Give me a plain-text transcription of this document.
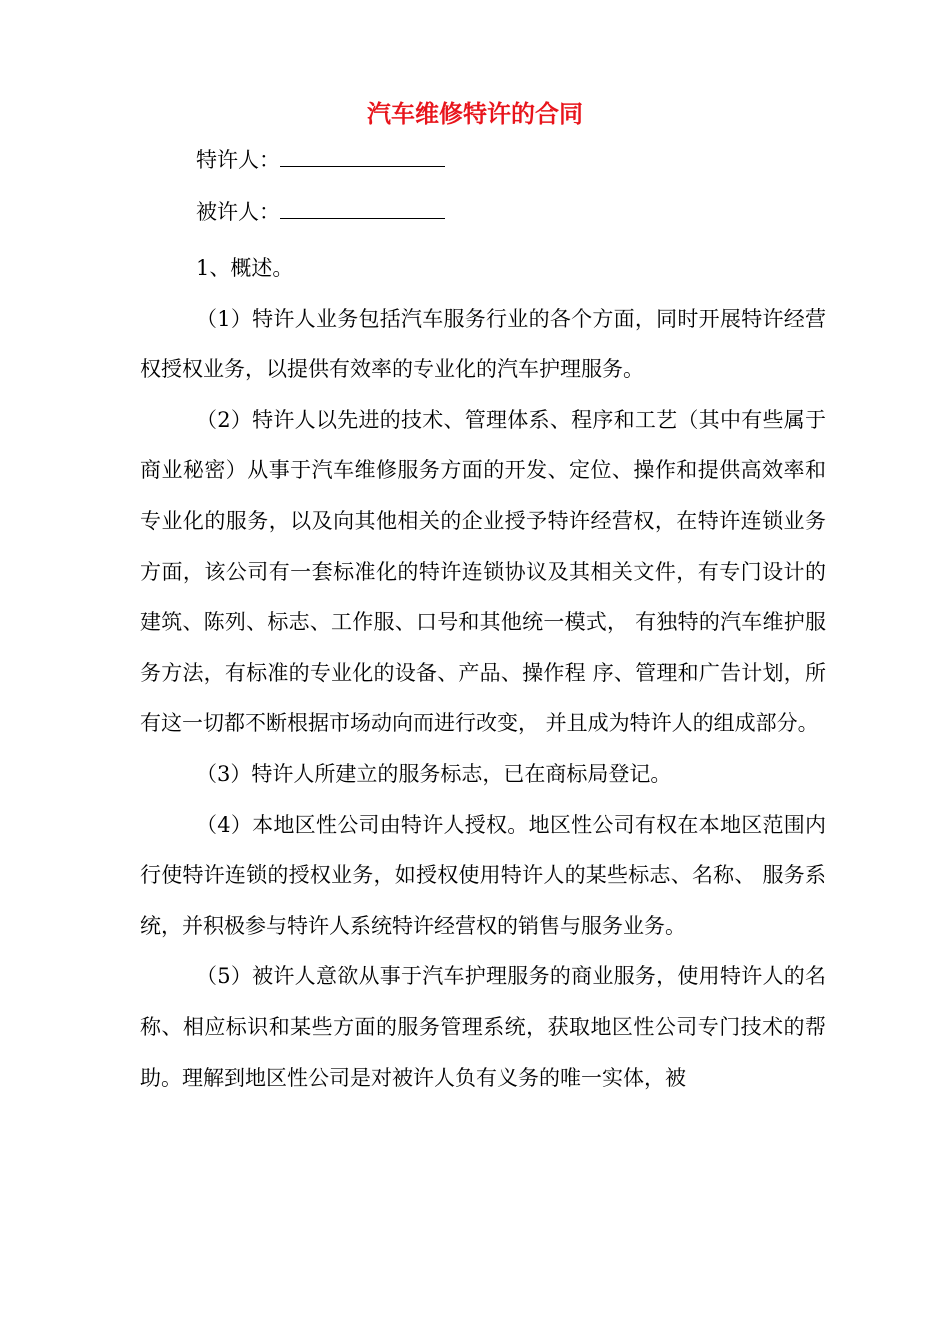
汽车维修特许的合同
特许人：
被许人：

1、概述。

（1）特许人业务包括汽车服务行业的各个方面，同时开展特许经营权授权业务，以提供有效率的专业化的汽车护理服务。

（2）特许人以先进的技术、管理体系、程序和工艺（其中有些属于商业秘密）从事于汽车维修服务方面的开发、定位、操作和提供高效率和专业化的服务，以及向其他相关的企业授予特许经营权，在特许连锁业务方面，该公司有一套标准化的特许连锁协议及其相关文件，有专门设计的建筑、陈列、标志、工作服、口号和其他统一模式， 有独特的汽车维护服务方法，有标准的专业化的设备、产品、操作程 序、管理和广告计划，所有这一切都不断根据市场动向而进行改变， 并且成为特许人的组成部分。

（3）特许人所建立的服务标志，已在商标局登记。

（4）本地区性公司由特许人授权。地区性公司有权在本地区范围内行使特许连锁的授权业务，如授权使用特许人的某些标志、名称、 服务系统，并积极参与特许人系统特许经营权的销售与服务业务。

（5）被许人意欲从事于汽车护理服务的商业服务，使用特许人的名称、相应标识和某些方面的服务管理系统，获取地区性公司专门技术的帮助。理解到地区性公司是对被许人负有义务的唯一实体，被
